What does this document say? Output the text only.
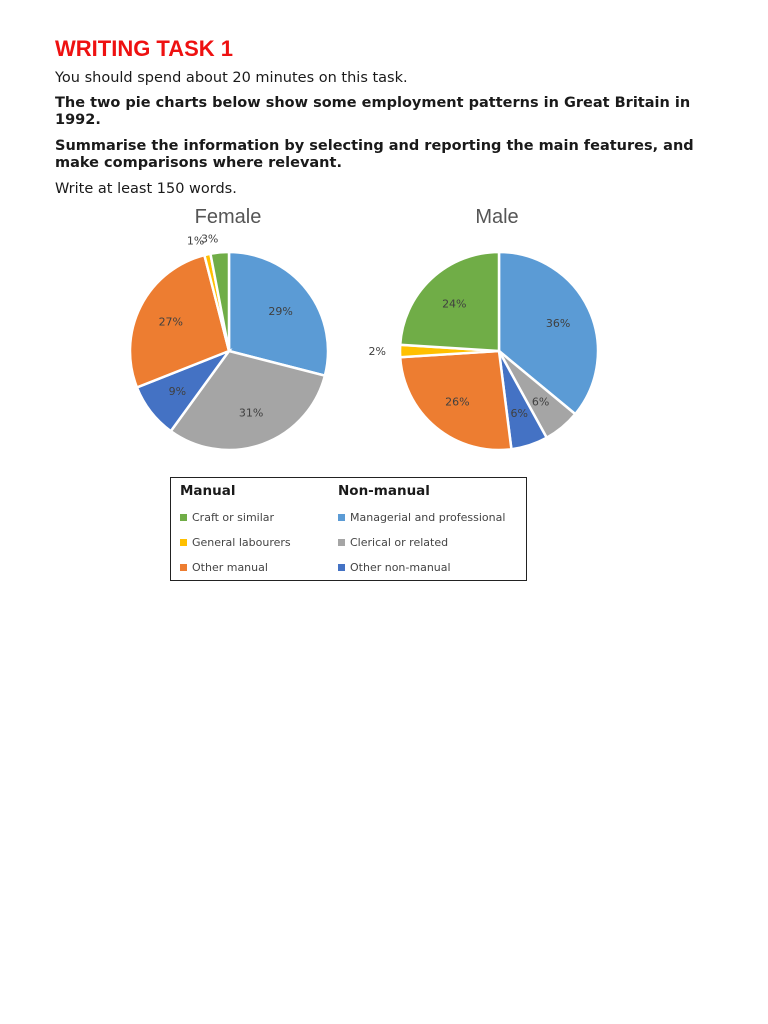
WRITING TASK 1
You should spend about 20 minutes on this task.
The two pie charts below show some employment patterns in Great Britain in
1992.
Summarise the information by selecting and reporting the main features, and
make comparisons where relevant.
Write at least 150 words.
Female	Male
29%
31%
9%
27%
1%
3%
36%
6%
6%
26%
2%
24%
Manual	Non-manual
Craft or similar
General labourers
Other manual
Managerial and professional
Clerical or related
Other non-manual
